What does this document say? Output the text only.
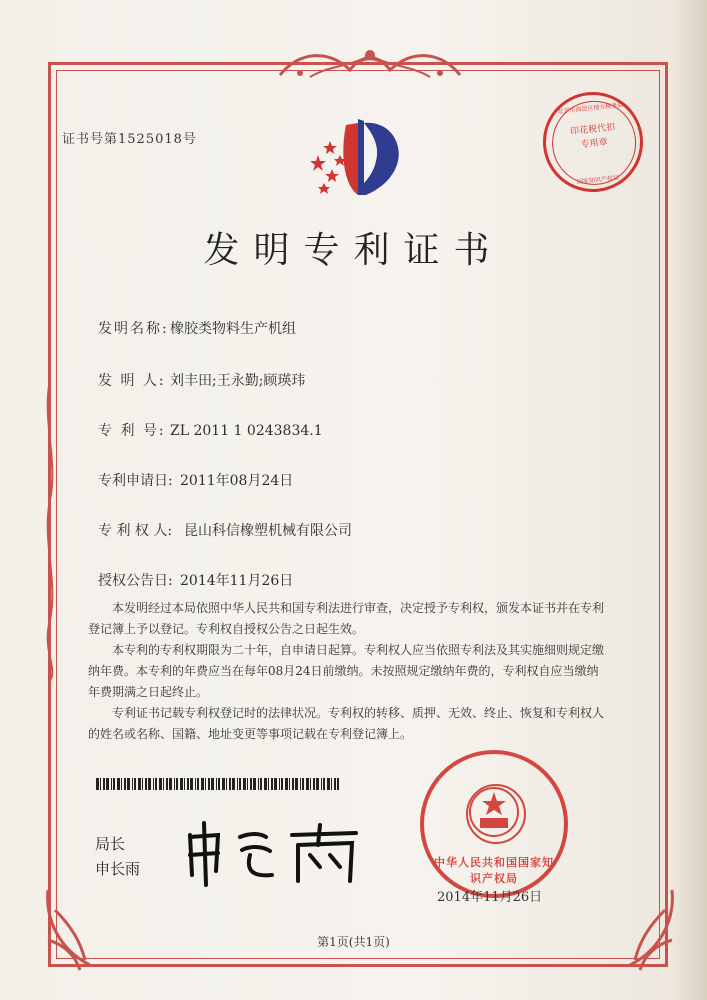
证书号第1525018号
印花税代扣专用章
北京市海淀区地方税务局
国家知识产权局
发明专利证书
发明名称:橡胶类物料生产机组
发 明 人: 刘丰田;王永勤;顾瑛玮
专 利 号: ZL 2011 1 0243834.1
专利申请日: 2011年08月24日
专 利 权 人: 昆山科信橡塑机械有限公司
授权公告日: 2014年11月26日

本发明经过本局依照中华人民共和国专利法进行审查，决定授予专利权，颁发本证书并在专利登记簿上予以登记。专利权自授权公告之日起生效。

本专利的专利权期限为二十年，自申请日起算。专利权人应当依照专利法及其实施细则规定缴纳年费。本专利的年费应当在每年08月24日前缴纳。未按照规定缴纳年费的，专利权自应当缴纳年费期满之日起终止。

专利证书记载专利权登记时的法律状况。专利权的转移、质押、无效、终止、恢复和专利权人的姓名或名称、国籍、地址变更等事项记载在专利登记簿上。

局长
申长雨	中华人民共和国国家知识产权局
2014年11月26日
第1页(共1页)
